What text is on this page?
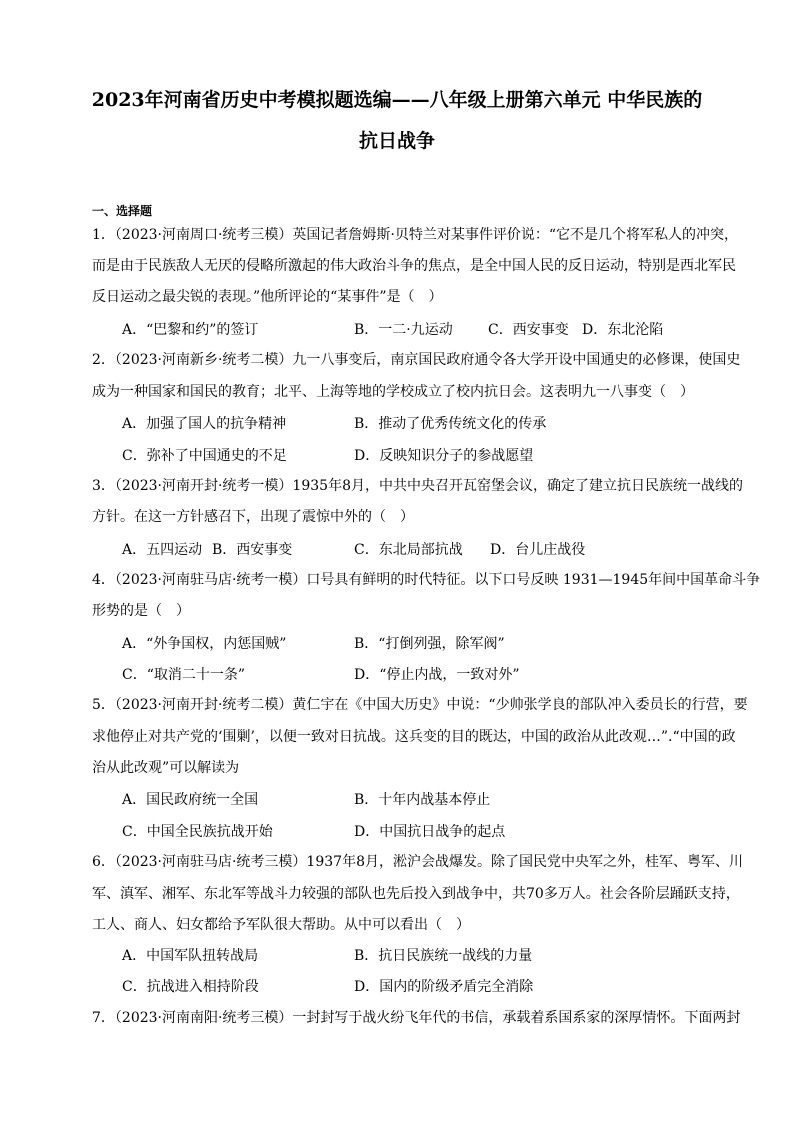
2023年河南省历史中考模拟题选编——八年级上册第六单元 中华民族的
抗日战争
一、选择题
1．（2023·河南周口·统考三模）英国记者詹姆斯·贝特兰对某事件评价说：“它不是几个将军私人的冲突，
而是由于民族敌人无厌的侵略所激起的伟大政治斗争的焦点，是全中国人民的反日运动，特别是西北军民
反日运动之最尖锐的表现。”他所评论的“某事件”是（　）
A．“巴黎和约”的签订	B．一二·九运动	C．西安事变 D．东北沦陷
2．（2023·河南新乡·统考二模）九一八事变后，南京国民政府通令各大学开设中国通史的必修课，使国史
成为一种国家和国民的教育；北平、上海等地的学校成立了校内抗日会。这表明九一八事变（　）
A．加强了国人的抗争精神	B．推动了优秀传统文化的传承
C．弥补了中国通史的不足	D．反映知识分子的参战愿望
3．（2023·河南开封·统考一模）1935年8月，中共中央召开瓦窑堡会议，确定了建立抗日民族统一战线的
方针。在这一方针感召下，出现了震惊中外的（　）
A．五四运动 B．西安事变	C．东北局部抗战 D．台儿庄战役
4．（2023·河南驻马店·统考一模）口号具有鲜明的时代特征。以下口号反映 1931—1945年间中国革命斗争
形势的是（　）
A．“外争国权，内惩国贼”	B．“打倒列强，除军阀”
C．“取消二十一条”	D．“停止内战，一致对外”
5．（2023·河南开封·统考二模）黄仁宇在《中国大历史》中说：“少帅张学良的部队冲入委员长的行营，要
求他停止对共产党的‘围剿’，以便一致对日抗战。这兵变的目的既达，中国的政治从此改观…”.“中国的政
治从此改观”可以解读为
A．国民政府统一全国	B．十年内战基本停止
C．中国全民族抗战开始	D．中国抗日战争的起点
6．（2023·河南驻马店·统考三模）1937年8月，淞沪会战爆发。除了国民党中央军之外，桂军、粤军、川
军、滇军、湘军、东北军等战斗力较强的部队也先后投入到战争中，共70多万人。社会各阶层踊跃支持，
工人、商人、妇女都给予军队很大帮助。从中可以看出（　）
A．中国军队扭转战局	B．抗日民族统一战线的力量
C．抗战进入相持阶段	D．国内的阶级矛盾完全消除
7．（2023·河南南阳·统考三模）一封封写于战火纷飞年代的书信，承载着系国系家的深厚情怀。下面两封
